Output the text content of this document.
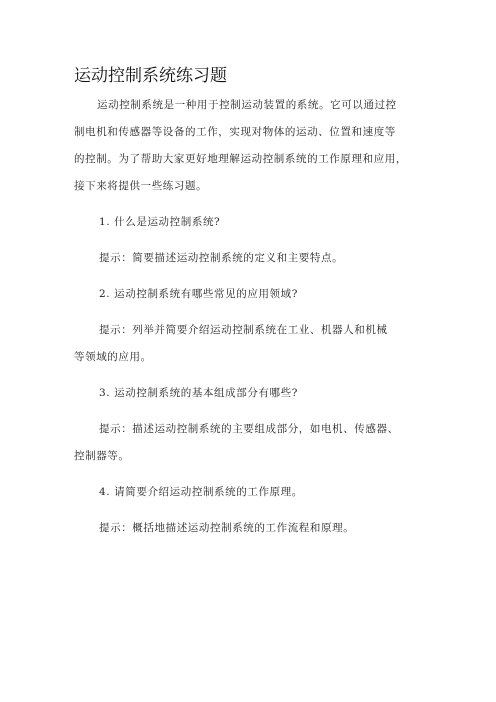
运动控制系统练习题
运动控制系统是一种用于控制运动装置的系统。它可以通过控
制电机和传感器等设备的工作，实现对物体的运动、位置和速度等
的控制。为了帮助大家更好地理解运动控制系统的工作原理和应用，
接下来将提供一些练习题。
1. 什么是运动控制系统?
提示：简要描述运动控制系统的定义和主要特点。
2. 运动控制系统有哪些常见的应用领域?
提示：列举并简要介绍运动控制系统在工业、机器人和机械
等领域的应用。
3. 运动控制系统的基本组成部分有哪些?
提示：描述运动控制系统的主要组成部分，如电机、传感器、
控制器等。
4. 请简要介绍运动控制系统的工作原理。
提示：概括地描述运动控制系统的工作流程和原理。
